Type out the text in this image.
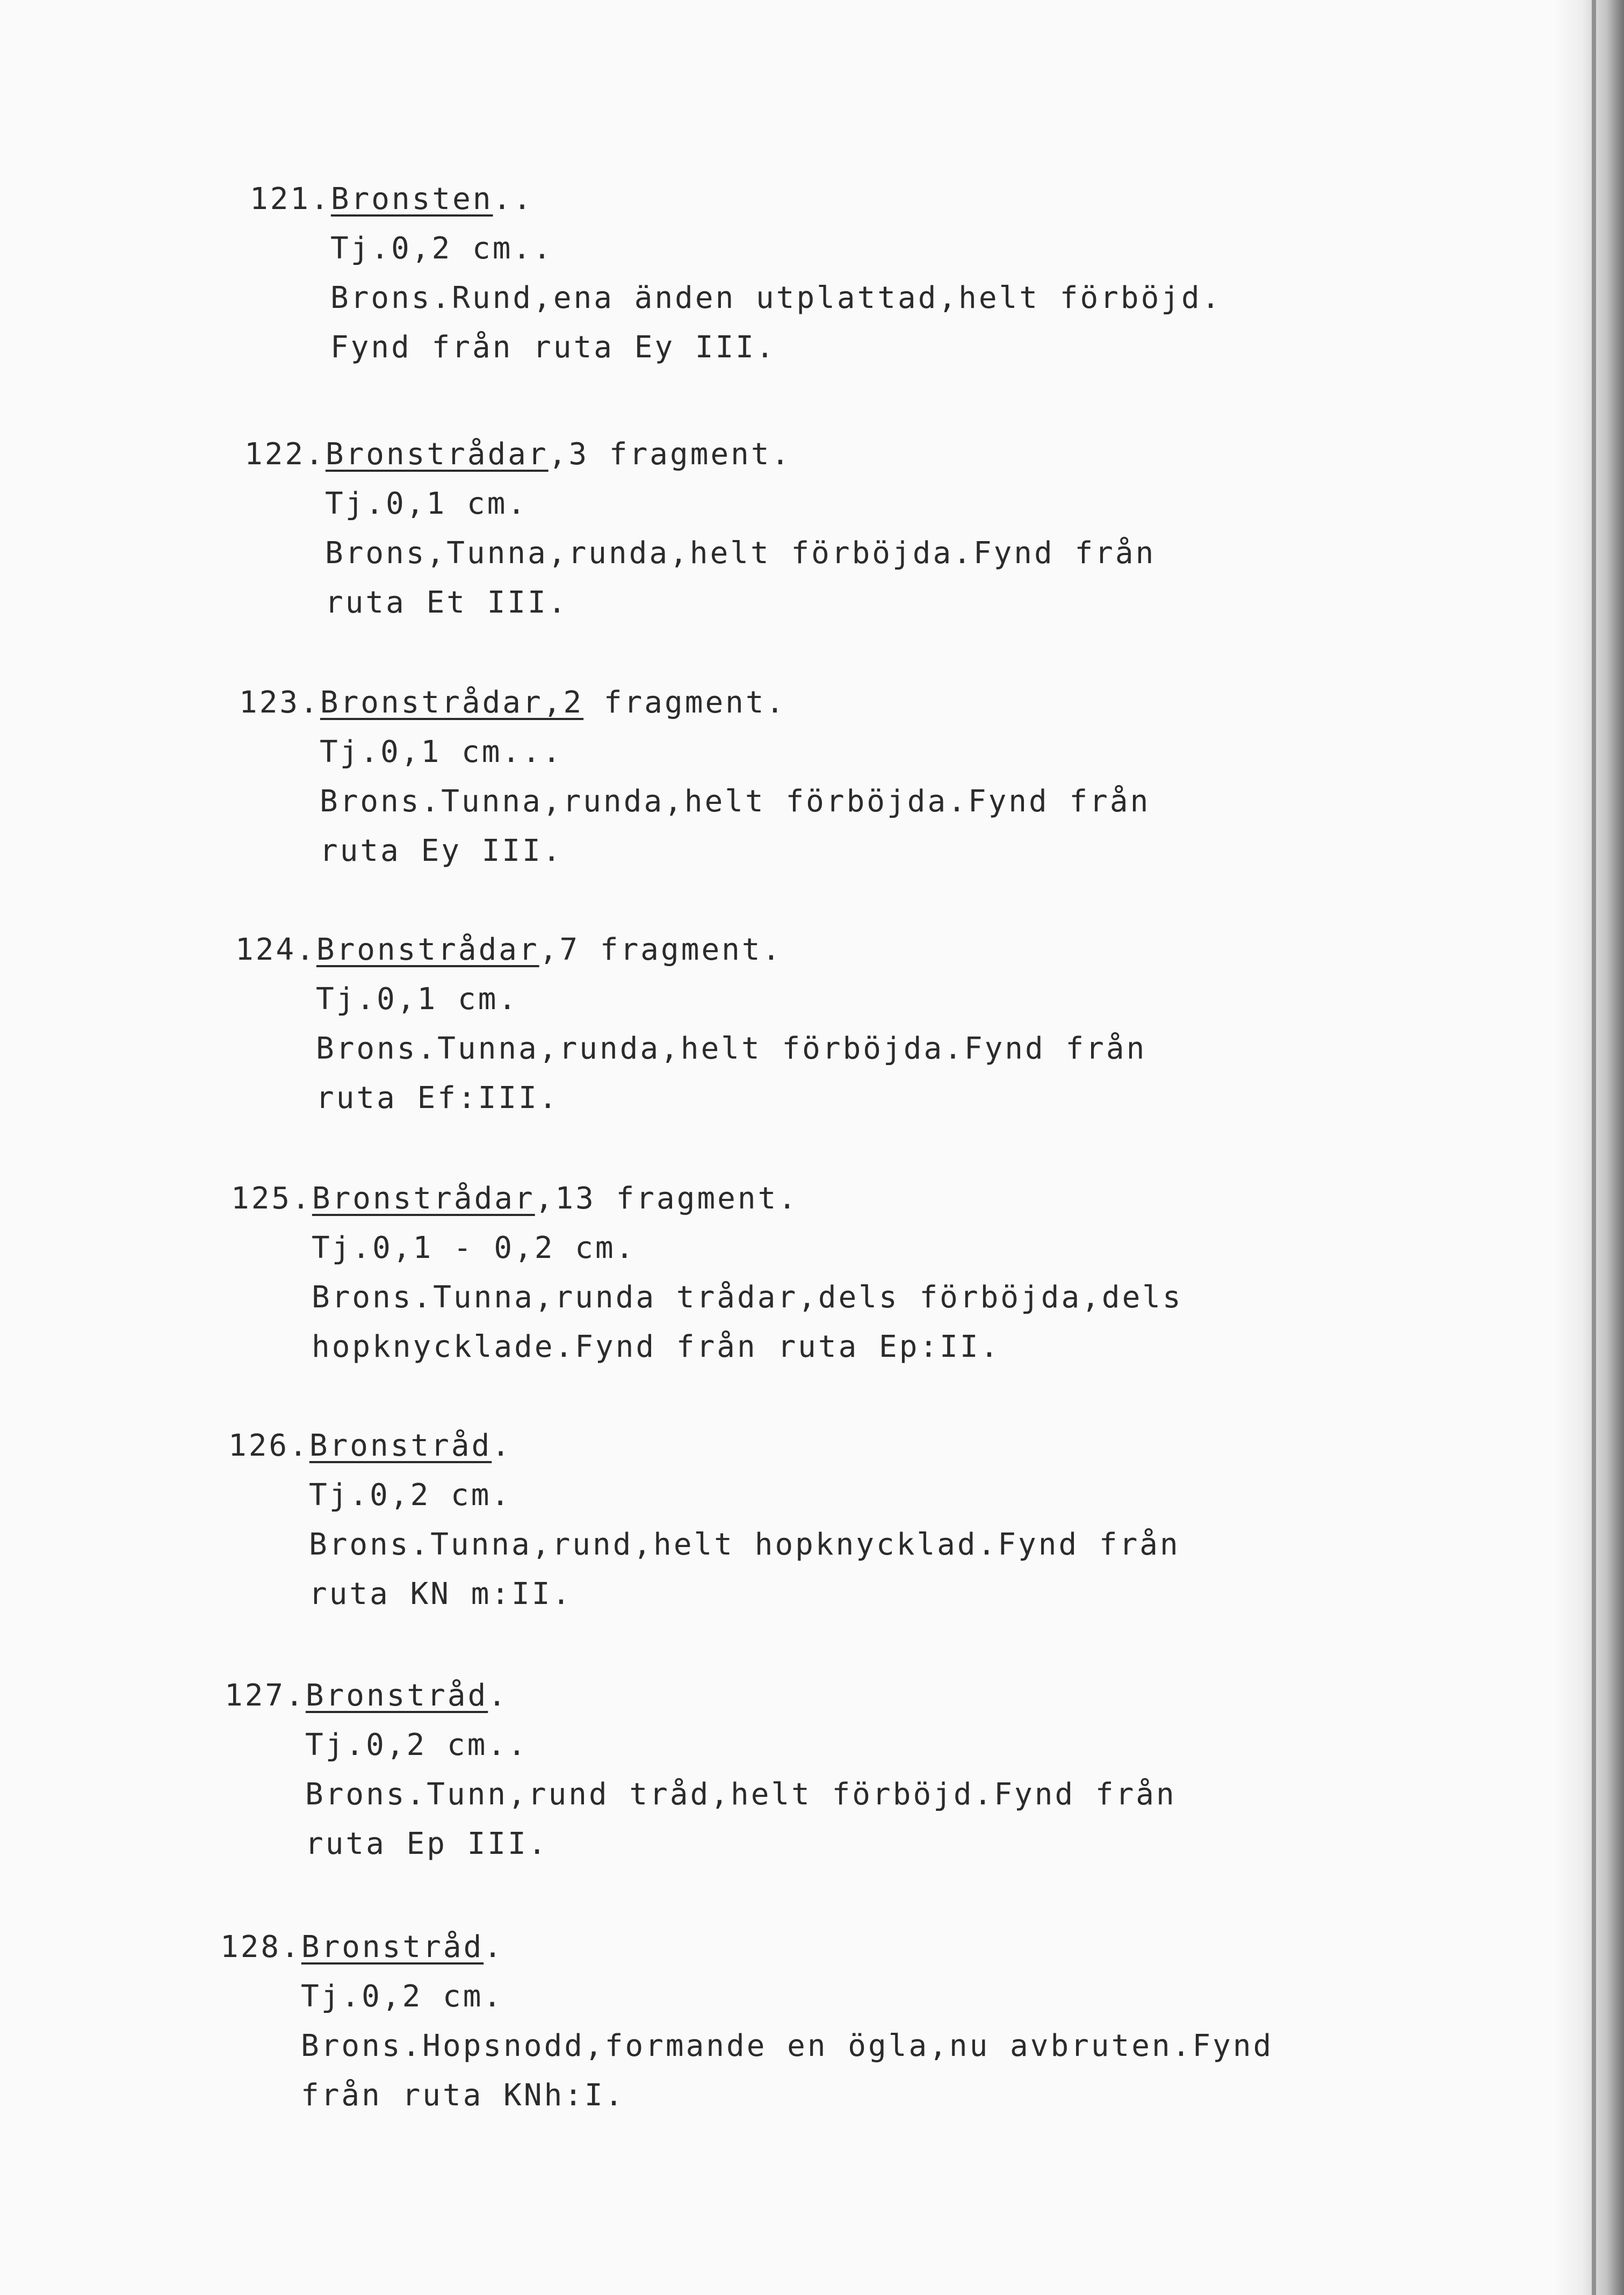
121.Bronsten..
Tj.0,2 cm..
Brons.Rund,ena änden utplattad,helt förböjd.
Fynd från ruta Ey III.
122.Bronstrådar,3 fragment.
Tj.0,1 cm.
Brons,Tunna,runda,helt förböjda.Fynd från
ruta Et III.
123.Bronstrådar,2 fragment.
Tj.0,1 cm...
Brons.Tunna,runda,helt förböjda.Fynd från
ruta Ey III.
124.Bronstrådar,7 fragment.
Tj.0,1 cm.
Brons.Tunna,runda,helt förböjda.Fynd från
ruta Ef:III.
125.Bronstrådar,13 fragment.
Tj.0,1 - 0,2 cm.
Brons.Tunna,runda trådar,dels förböjda,dels
hopknycklade.Fynd från ruta Ep:II.
126.Bronstråd.
Tj.0,2 cm.
Brons.Tunna,rund,helt hopknycklad.Fynd från
ruta KN m:II.
127.Bronstråd.
Tj.0,2 cm..
Brons.Tunn,rund tråd,helt förböjd.Fynd från
ruta Ep III.
128.Bronstråd.
Tj.0,2 cm.
Brons.Hopsnodd,formande en ögla,nu avbruten.Fynd
från ruta KNh:I.
